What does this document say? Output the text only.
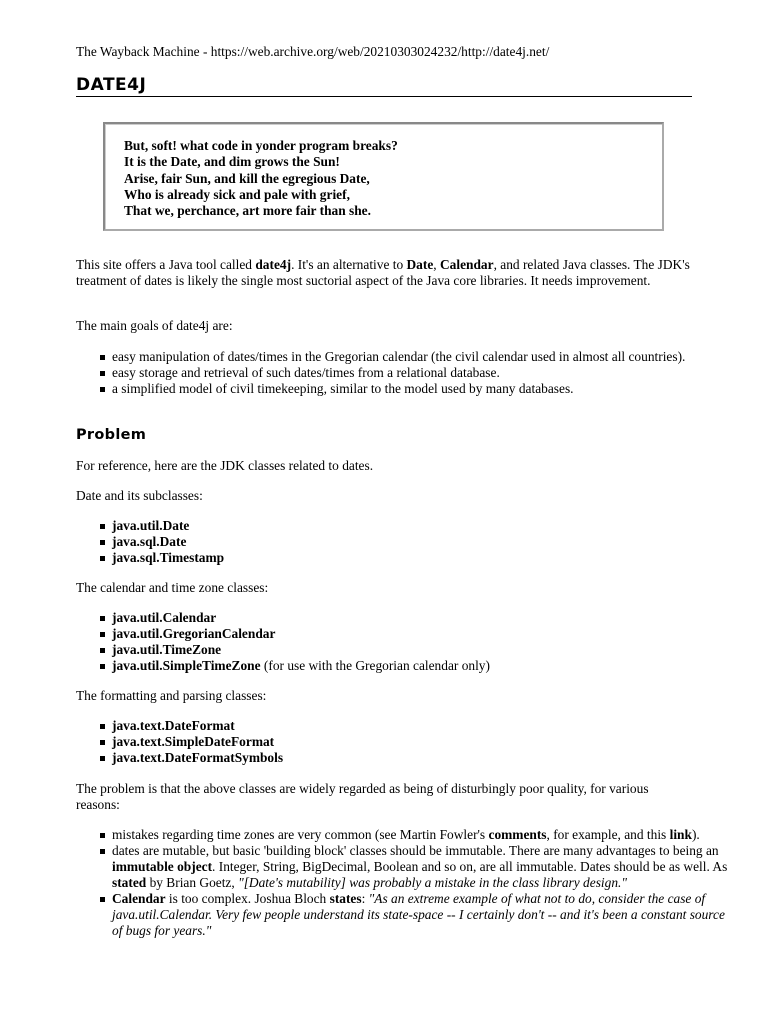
The Wayback Machine - https://web.archive.org/web/20210303024232/http://date4j.net/
DATE4J
But, soft! what code in yonder program breaks?
It is the Date, and dim grows the Sun!
Arise, fair Sun, and kill the egregious Date,
Who is already sick and pale with grief,
That we, perchance, art more fair than she.

This site offers a Java tool called date4j. It's an alternative to Date, Calendar, and related Java classes. The JDK's treatment of dates is likely the single most suctorial aspect of the Java core libraries. It needs improvement.

The main goals of date4j are:

easy manipulation of dates/times in the Gregorian calendar (the civil calendar used in almost all countries).
easy storage and retrieval of such dates/times from a relational database.
a simplified model of civil timekeeping, similar to the model used by many databases.
Problem

For reference, here are the JDK classes related to dates.

Date and its subclasses:

java.util.Date
java.sql.Date
java.sql.Timestamp

The calendar and time zone classes:

java.util.Calendar
java.util.GregorianCalendar
java.util.TimeZone
java.util.SimpleTimeZone (for use with the Gregorian calendar only)

The formatting and parsing classes:

java.text.DateFormat
java.text.SimpleDateFormat
java.text.DateFormatSymbols

The problem is that the above classes are widely regarded as being of disturbingly poor quality, for various reasons:

mistakes regarding time zones are very common (see Martin Fowler's comments, for example, and this link).
dates are mutable, but basic 'building block' classes should be immutable. There are many advantages to being an immutable object. Integer, String, BigDecimal, Boolean and so on, are all immutable. Dates should be as well. As stated by Brian Goetz, "[Date's mutability] was probably a mistake in the class library design."
Calendar is too complex. Joshua Bloch states: "As an extreme example of what not to do, consider the case of java.util.Calendar. Very few people understand its state-space -- I certainly don't -- and it's been a constant source of bugs for years."
